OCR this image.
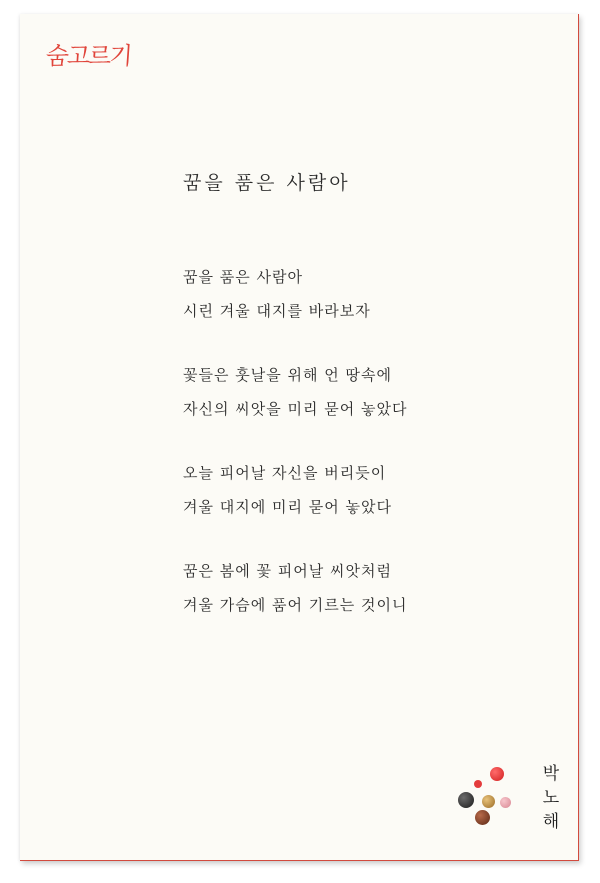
숨고르기
꿈을 품은 사람아
꿈을 품은 사람아
시린 겨울 대지를 바라보자
꽃들은 훗날을 위해 언 땅속에
자신의 씨앗을 미리 묻어 놓았다
오늘 피어날 자신을 버리듯이
겨울 대지에 미리 묻어 놓았다
꿈은 봄에 꽃 피어날 씨앗처럼
겨울 가슴에 품어 기르는 것이니
박
노
해
